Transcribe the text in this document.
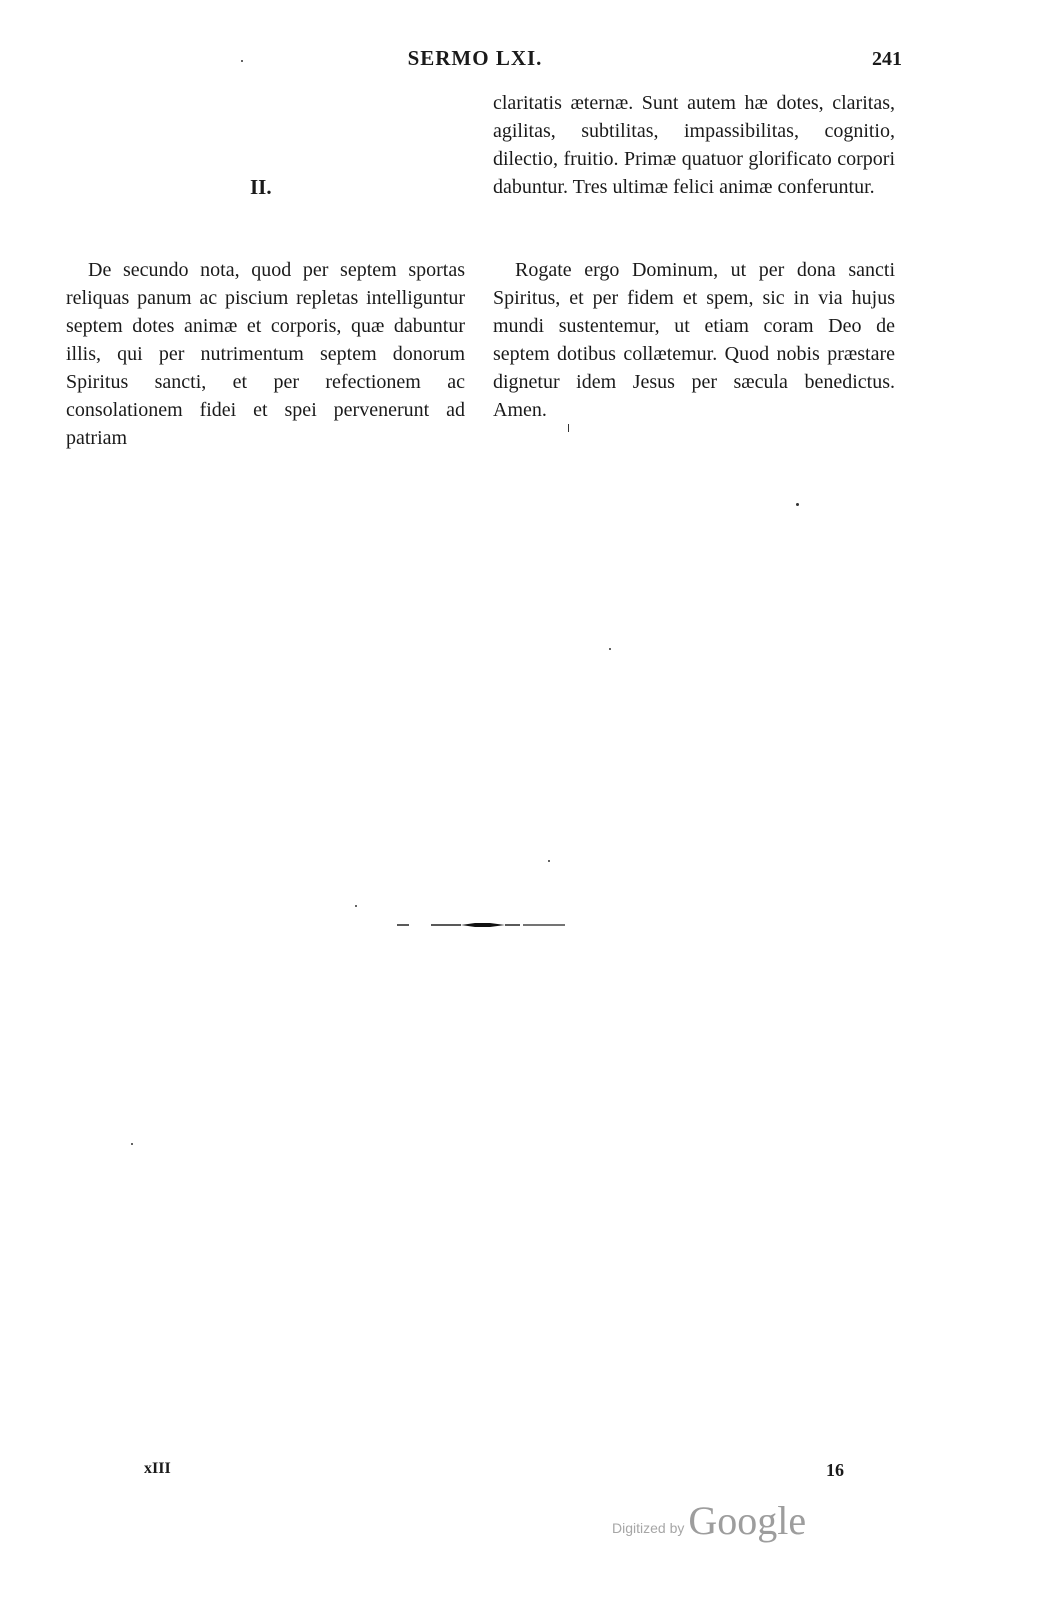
SERMO LXI.	241
claritatis æternæ. Sunt autem hæ dotes, claritas, agilitas, subtilitas, impassibilitas, cognitio, dilectio, fruitio. Primæ quatuor glorificato corpori dabuntur. Tres ultimæ felici animæ conferuntur.
II.
De secundo nota, quod per septem sportas reliquas panum ac piscium repletas intelliguntur septem dotes animæ et corporis, quæ dabuntur illis, qui per nutrimentum septem donorum Spiritus sancti, et per refectionem ac consolationem fidei et spei pervenerunt ad patriam
Rogate ergo Dominum, ut per dona sancti Spiritus, et per fidem et spem, sic in via hujus mundi sustentemur, ut etiam coram Deo de septem dotibus collætemur. Quod nobis præstare dignetur idem Jesus per sæcula benedictus. Amen.
xIII	16
Digitized by Google
